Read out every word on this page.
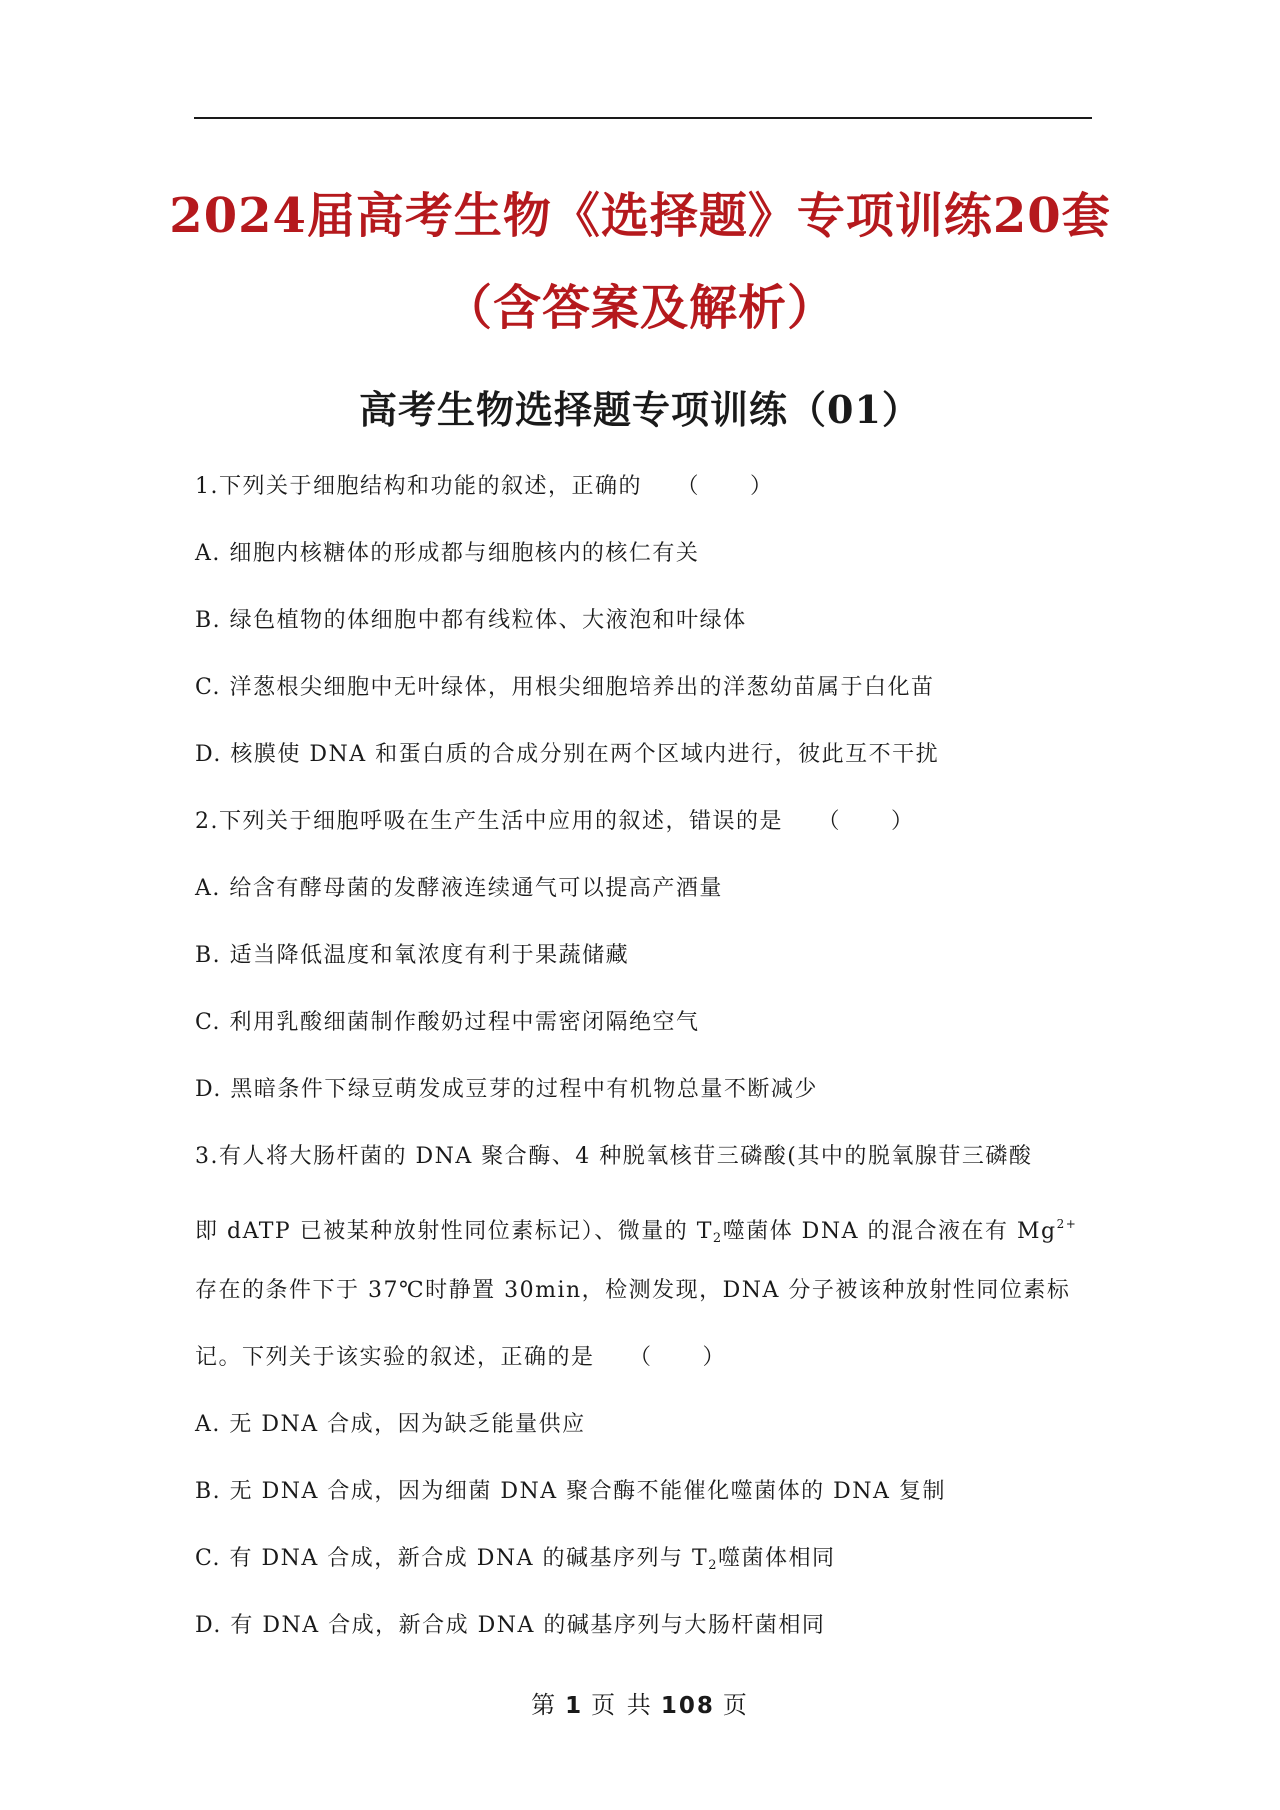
2024届高考生物《选择题》专项训练20套
（含答案及解析）
高考生物选择题专项训练（01）

1.下列关于细胞结构和功能的叙述，正确的 （ ）

A. 细胞内核糖体的形成都与细胞核内的核仁有关

B. 绿色植物的体细胞中都有线粒体、大液泡和叶绿体

C. 洋葱根尖细胞中无叶绿体，用根尖细胞培养出的洋葱幼苗属于白化苗

D. 核膜使 DNA 和蛋白质的合成分别在两个区域内进行，彼此互不干扰

2.下列关于细胞呼吸在生产生活中应用的叙述，错误的是 （ ）

A. 给含有酵母菌的发酵液连续通气可以提高产酒量

B. 适当降低温度和氧浓度有利于果蔬储藏

C. 利用乳酸细菌制作酸奶过程中需密闭隔绝空气

D. 黑暗条件下绿豆萌发成豆芽的过程中有机物总量不断减少

3.有人将大肠杆菌的 DNA 聚合酶、4 种脱氧核苷三磷酸(其中的脱氧腺苷三磷酸

即 dATP 已被某种放射性同位素标记）、微量的 $T_2$噬菌体 DNA 的混合液在有 $Mg^{2+}$

存在的条件下于 37℃时静置 30min，检测发现，DNA 分子被该种放射性同位素标

记。下列关于该实验的叙述，正确的是 （ ）

A. 无 DNA 合成，因为缺乏能量供应

B. 无 DNA 合成，因为细菌 DNA 聚合酶不能催化噬菌体的 DNA 复制

C. 有 DNA 合成，新合成 DNA 的碱基序列与 $T_2$噬菌体相同

D. 有 DNA 合成，新合成 DNA 的碱基序列与大肠杆菌相同

第 1 页 共 108 页
